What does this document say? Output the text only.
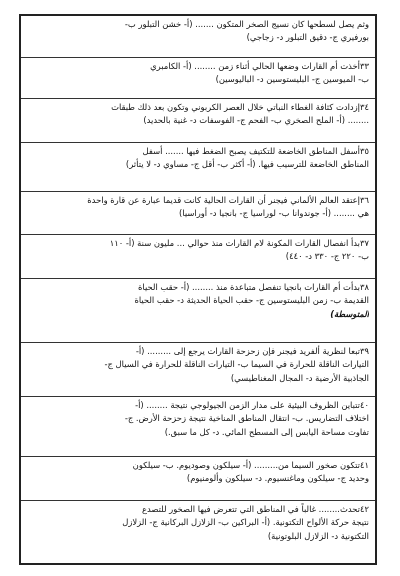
وثم يصل لسطحها كان نسيج الصخر المتكون ....... (أ- خشن التبلور ب-
بورفيري ج- دقيق التبلور د- زجاجي)
٣٣أخذت أم القارات وضعها الحالي أثناء زمن ........ (أ- الكامبري
ب- الميوسين ج- البليستوسين د- الباليوسين)
٣٤إزدادت كثافة الغطاء النباتي خلال العصر الكربوني وتكون بعد ذلك طبقات
........ (أ- الملح الصخري ب- الفحم ج- الفوسفات د- غنية بالحديد)
٣٥أسفل المناطق الخاضعة للتكتيف يصبح الضغط فيها ....... أسفل
المناطق الخاضعة للترسيب فيها. (أ- أكثر ب- أقل ج- مساوي د- لا يتأثر)
٣٦إعتقد العالم الألماني فيجنر أن القارات الحالية كانت قديما عبارة عن قارة واحدة
هي ........ (أ- جوندوانا ب- لوراسيا ج- بانجيا د- أوراسيا)
٣٧بدأ انفصال القارات المكونة لام القارات منذ حوالي ... مليون سنة (أ- ١١٠
ب- ٢٢٠ ج- ٣٣٠ د- ٤٤٠)
٣٨بدأت أم القارات بانجيا تنفصل متباعدة منذ ........ (أ- حقب الحياة
القديمة ب- زمن البليستوسين ج- حقب الحياة الحديثة د- حقب الحياة
المتوسطة)
٣٩تبعا لنظرية ألفريد فيجنر فإن زحزحة القارات يرجع إلى ......... (أ-
التيارات الناقلة للحرارة في السيما ب- التيارات الناقلة للحرارة في السيال ج-
الجاذبية الأرضية د- المجال المغناطيسي)
٤٠تتباين الظروف البيئية على مدار الزمن الجيولوجي نتيجة ........ (أ-
اختلاف التضاريس. ب- انتقال المناطق المناخية نتيجة زحزحة الأرض. ج-
تفاوت مساحة اليابس إلى المسطح المائي. د- كل ما سبق.)
٤١تتكون صخور السيما من......... (أ- سيلكون وصوديوم. ب- سيلكون
وحديد ج- سيلكون وماغنسيوم. د- سيلكون وألومنيوم)
٤٢تحدث........ غالباً في المناطق التي تتعرض فيها الصخور للتصدع
نتيجة حركة الألواح التكتونية. (أ- البراكين ب- الزلازل البركانية ج- الزلازل
التكتونية د- الزلازل البلوتونية)
